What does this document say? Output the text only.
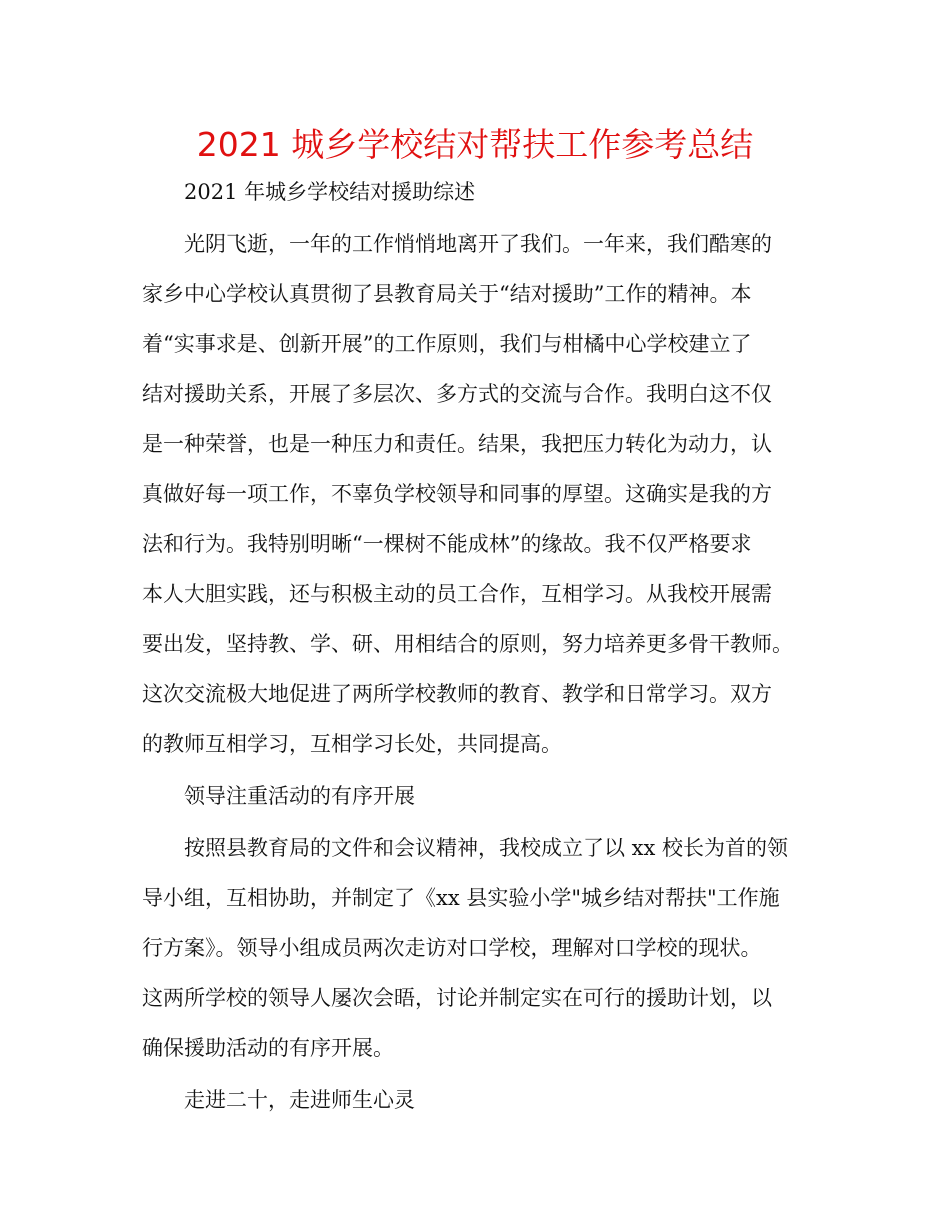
2021 城乡学校结对帮扶工作参考总结
2021 年城乡学校结对援助综述
光阴飞逝，一年的工作悄悄地离开了我们。一年来，我们酷寒的
家乡中心学校认真贯彻了县教育局关于“结对援助”工作的精神。本
着“实事求是、创新开展”的工作原则，我们与柑橘中心学校建立了
结对援助关系，开展了多层次、多方式的交流与合作。我明白这不仅
是一种荣誉，也是一种压力和责任。结果，我把压力转化为动力，认
真做好每一项工作，不辜负学校领导和同事的厚望。这确实是我的方
法和行为。我特别明晰“一棵树不能成林”的缘故。我不仅严格要求
本人大胆实践，还与积极主动的员工合作，互相学习。从我校开展需
要出发，坚持教、学、研、用相结合的原则，努力培养更多骨干教师。
这次交流极大地促进了两所学校教师的教育、教学和日常学习。双方
的教师互相学习，互相学习长处，共同提高。
领导注重活动的有序开展
按照县教育局的文件和会议精神，我校成立了以 xx 校长为首的领
导小组，互相协助，并制定了《xx 县实验小学"城乡结对帮扶"工作施
行方案》。领导小组成员两次走访对口学校，理解对口学校的现状。
这两所学校的领导人屡次会晤，讨论并制定实在可行的援助计划，以
确保援助活动的有序开展。
走进二十，走进师生心灵
